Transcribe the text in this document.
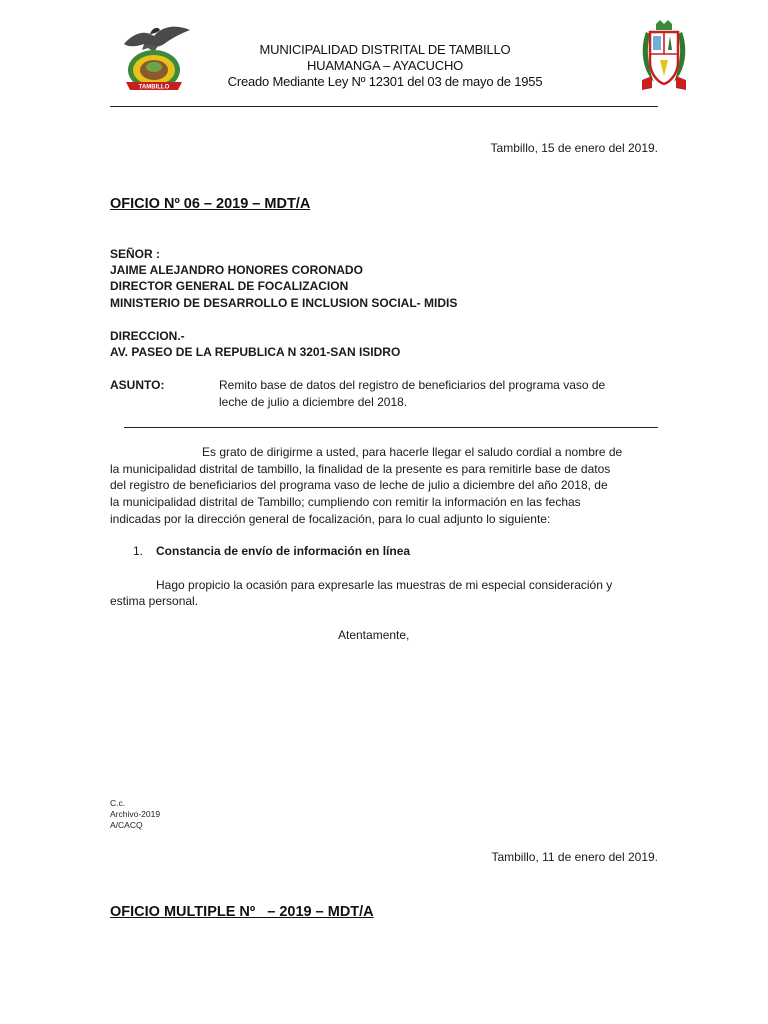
TAMBILLO
MUNICIPALIDAD DISTRITAL DE TAMBILLO
HUAMANGA – AYACUCHO
Creado Mediante Ley Nº 12301 del 03 de mayo de 1955
Tambillo, 15 de enero del 2019.
OFICIO Nº 06 – 2019 – MDT/A
SEÑOR :
JAIME ALEJANDRO HONORES CORONADO
DIRECTOR GENERAL DE FOCALIZACION
MINISTERIO DE DESARROLLO E INCLUSION SOCIAL- MIDIS
DIRECCION.-
AV. PASEO DE LA REPUBLICA N 3201-SAN ISIDRO
ASUNTO:	Remito base de datos del registro de beneficiarios del programa vaso de
leche de julio a diciembre del 2018.
Es grato de dirigirme a usted, para hacerle llegar el saludo cordial a nombre de
la municipalidad distrital de tambillo, la finalidad de la presente es para remitirle base de datos
del registro de beneficiarios del programa vaso de leche de julio a diciembre del año 2018, de
la municipalidad distrital de Tambillo; cumpliendo con remitir la información en las fechas
indicadas por la dirección general de focalización, para lo cual adjunto lo siguiente:
1. Constancia de envío de información en línea
Hago propicio la ocasión para expresarle las muestras de mi especial consideración y
estima personal.
Atentamente,
C.c.
Archivo-2019
A/CACQ
Tambillo, 11 de enero del 2019.
OFICIO MULTIPLE Nº   – 2019 – MDT/A
